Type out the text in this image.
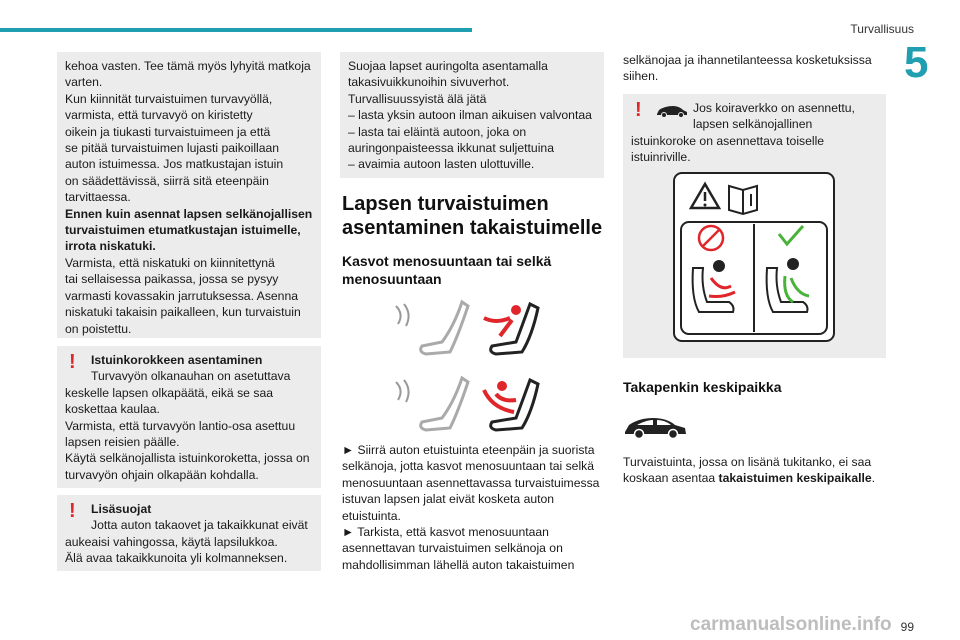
Turvallisuus
5

kehoa vasten. Tee tämä myös lyhyitä matkoja

varten.

Kun kiinnität turvaistuimen turvavyöllä,

varmista, että turvavyö on kiristetty

oikein ja tiukasti turvaistuimeen ja että

se pitää turvaistuimen lujasti paikoillaan

auton istuimessa. Jos matkustajan istuin

on säädettävissä, siirrä sitä eteenpäin

tarvittaessa.

Ennen kuin asennat lapsen selkänojallisen

turvaistuimen etumatkustajan istuimelle,

irrota niskatuki.

Varmista, että niskatuki on kiinnitettynä

tai sellaisessa paikassa, jossa se pysyy

varmasti kovassakin jarrutuksessa. Asenna

niskatuki takaisin paikalleen, kun turvaistuin

on poistettu.

!	Istuinkorokkeen asentaminen

Turvavyön olkanauhan on asetuttava

keskelle lapsen olkapäätä, eikä se saa

koskettaa kaulaa.

Varmista, että turvavyön lantio-osa asettuu

lapsen reisien päälle.

Käytä selkänojallista istuinkoroketta, jossa on

turvavyön ohjain olkapään kohdalla.

!	Lisäsuojat

Jotta auton takaovet ja takaikkunat eivät

aukeaisi vahingossa, käytä lapsilukkoa.

Älä avaa takaikkunoita yli kolmanneksen.

Suojaa lapset auringolta asentamalla

takasivuikkunoihin sivuverhot.

Turvallisuussyistä älä jätä

– lasta yksin autoon ilman aikuisen valvontaa

– lasta tai eläintä autoon, joka on

auringonpaisteessa ikkunat suljettuina

– avaimia autoon lasten ulottuville.

Lapsen turvaistuimen
asentaminen takaistuimelle
Kasvot menosuuntaan tai selkä
menosuuntaan

► Siirrä auton etuistuinta eteenpäin ja suorista

selkänoja, jotta kasvot menosuuntaan tai selkä

menosuuntaan asennettavassa turvaistuimessa

istuvan lapsen jalat eivät kosketa auton

etuistuinta.

► Tarkista, että kasvot menosuuntaan

asennettavan turvaistuimen selkänoja on

mahdollisimman lähellä auton takaistuimen

selkänojaa ja ihannetilanteessa kosketuksissa

siihen.

!	Jos koiraverkko on asennettu,

lapsen selkänojallinen

istuinkoroke on asennettava toiselle

istuinriville.

Takapenkin keskipaikka

Turvaistuinta, jossa on lisänä tukitanko, ei saa

koskaan asentaa takaistuimen keskipaikalle.

carmanualsonline.info 99
